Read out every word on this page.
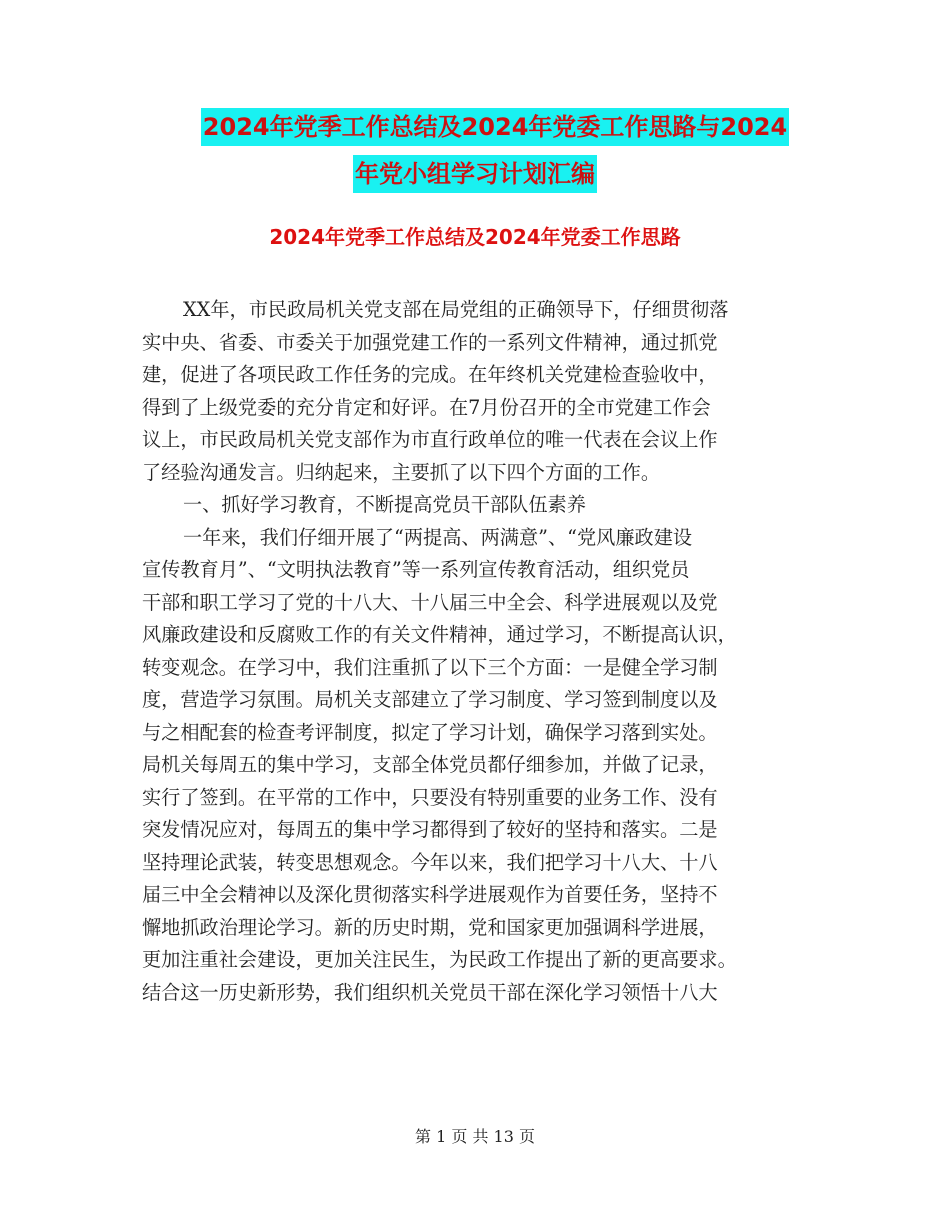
2024年党季工作总结及2024年党委工作思路与2024
年党小组学习计划汇编
2024年党季工作总结及2024年党委工作思路
XX年，市民政局机关党支部在局党组的正确领导下，仔细贯彻落
实中央、省委、市委关于加强党建工作的一系列文件精神，通过抓党
建，促进了各项民政工作任务的完成。在年终机关党建检查验收中，
得到了上级党委的充分肯定和好评。在7月份召开的全市党建工作会
议上，市民政局机关党支部作为市直行政单位的唯一代表在会议上作
了经验沟通发言。归纳起来，主要抓了以下四个方面的工作。
一、抓好学习教育，不断提高党员干部队伍素养
一年来，我们仔细开展了“两提高、两满意”、“党风廉政建设
宣传教育月”、“文明执法教育”等一系列宣传教育活动，组织党员
干部和职工学习了党的十八大、十八届三中全会、科学进展观以及党
风廉政建设和反腐败工作的有关文件精神，通过学习，不断提高认识，
转变观念。在学习中，我们注重抓了以下三个方面：一是健全学习制
度，营造学习氛围。局机关支部建立了学习制度、学习签到制度以及
与之相配套的检查考评制度，拟定了学习计划，确保学习落到实处。
局机关每周五的集中学习，支部全体党员都仔细参加，并做了记录，
实行了签到。在平常的工作中，只要没有特别重要的业务工作、没有
突发情况应对，每周五的集中学习都得到了较好的坚持和落实。二是
坚持理论武装，转变思想观念。今年以来，我们把学习十八大、十八
届三中全会精神以及深化贯彻落实科学进展观作为首要任务，坚持不
懈地抓政治理论学习。新的历史时期，党和国家更加强调科学进展，
更加注重社会建设，更加关注民生，为民政工作提出了新的更高要求。
结合这一历史新形势，我们组织机关党员干部在深化学习领悟十八大
第 1 页 共 13 页
